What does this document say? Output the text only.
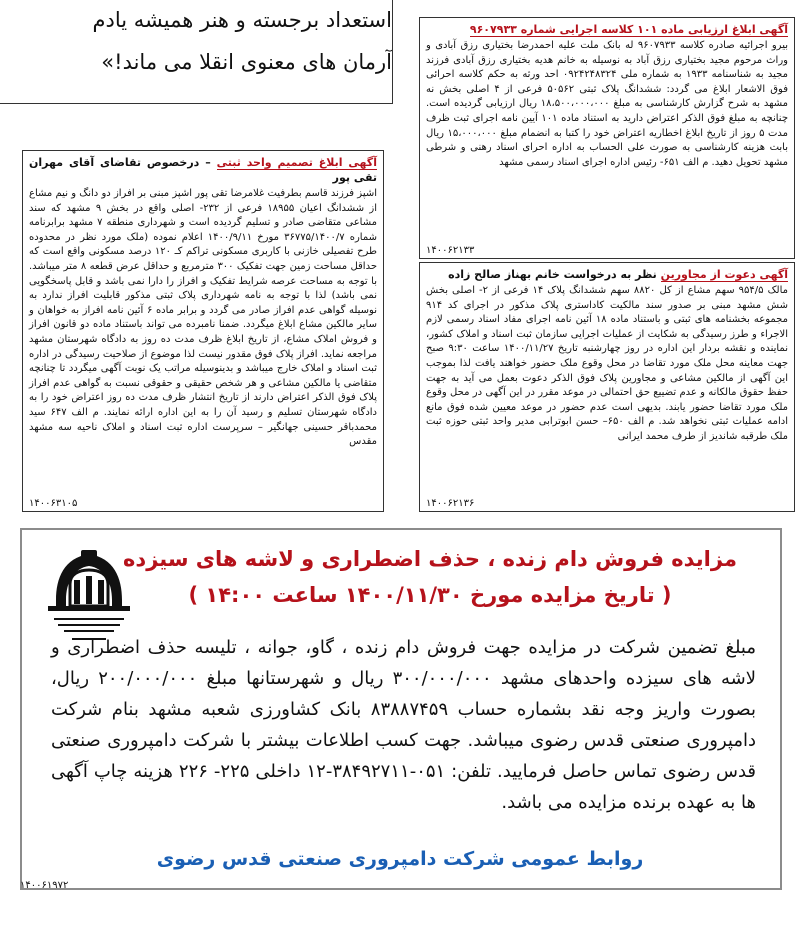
استعداد برجسته و هنر همیشه یادم
آرمان های معنوی انقلا می ماند!»
آگهی ابلاغ ارزیابی ماده ۱۰۱ کلاسه اجرایی شماره ۹۶۰۷۹۳۳
بیرو اجرائیه صادره کلاسه ۹۶۰۷۹۳۳ له بانک ملت علیه احمدرضا بختیاری رزق آبادی و وراث مرحوم مجید بختیاری رزق آباد به نوسیله به خانم هدیه بختیاری رزق آبادی فرزند مجید به شناسنامه ۱۹۳۳ به شماره ملی ۰۹۲۴۲۴۸۳۲۴ احد ورثه به حکم کلاسه احرائی فوق الاشعار ابلاغ می گردد: ششدانگ پلاک ثبتی ۵۰۵۶۲ فرعی از ۴ اصلی بخش نه مشهد به شرح گزارش کارشناسی به مبلغ ۱۸،۵۰۰،۰۰۰،۰۰۰ ریال ارزیابی گردیده است. چنانچه به مبلغ فوق الذکر اعتراض دارید به استناد ماده ۱۰۱ آیین نامه اجرای ثبت ظرف مدت ۵ روز از تاریخ ابلاغ اخطاریه اعتراض خود را کتبا به انضمام مبلغ ۱۵،۰۰۰،۰۰۰ ریال بابت هزینه کارشناسی به صورت علی الحساب به اداره احرای اسناد رهنی و شرطی مشهد تحویل دهید. م الف ۶۵۱- رئیس اداره اجرای اسناد رسمی مشهد
۱۴۰۰۶۲۱۳۳
آگهی ابلاغ تصمیم واحد ثبتی – درخصوص تقاضای آقای مهران تقی پور
اشپز فرزند قاسم بطرفیت غلامرضا تقی پور اشپز مبنی بر افراز دو دانگ و نیم مشاع از ششدانگ اعیان ۱۸۹۵۵ فرعی از ۲۳۲- اصلی واقع در بخش ۹ مشهد که سند مشاعی متقاضی صادر و تسلیم گردیده است و شهرداری منطقه ۷ مشهد برابرنامه شماره ۳۶۷۷۵/۱۴۰۰/۷ مورخ ۱۴۰۰/۹/۱۱ اعلام نموده (ملک مورد نظر در محدوده طرح تفصیلی خازنی با کاربری مسکونی تراکم کـ ۱۲۰ درصد مسکونی واقع است که حداقل مساحت زمین جهت تفکیک ۳۰۰ مترمربع و حداقل عرض قطعه ۸ متر میباشد. با توجه به مساحت عرصه شرایط تفکیک و افراز را دارا نمی باشد و قابل پاسخگویی نمی باشد) لذا با توجه به نامه شهرداری پلاک ثبتی مذکور قابلیت افراز ندارد به نوسیله گواهی عدم افراز صادر می گردد و برابر ماده ۶ آئین نامه افراز به خواهان و سایر مالکین مشاع ابلاغ میگردد. ضمنا نامبرده می تواند باستناد ماده دو قانون افراز و فروش املاک مشاع، از تاریخ ابلاغ ظرف مدت ده روز به دادگاه شهرستان مشهد مراجعه نماید. افراز پلاک فوق مقدور نیست لذا موضوع از صلاحیت رسیدگی در اداره ثبت اسناد و املاک خارج میباشد و بدینوسیله مراتب یک نوبت آگهی میگردد تا چنانچه متقاضی یا مالکین مشاعی و هر شخص حقیقی و حقوقی نسبت به گواهی عدم افراز پلاک فوق الذکر اعتراض دارند از تاریخ انتشار ظرف مدت ده روز اعتراض خود را به دادگاه شهرستان تسلیم و رسید آن را به این اداره ارائه نمایند. م الف ۶۴۷ سید محمدباقر حسینی جهانگیر – سرپرست اداره ثبت اسناد و املاک ناحیه سه مشهد مقدس
۱۴۰۰۶۳۱۰۵
آگهی دعوت از مجاورین نظر به درخواست خانم بهناز صالح زاده
مالک ۹۵۴/۵ سهم مشاع از کل ۸۸۲۰ سهم ششدانگ پلاک ۱۴ فرعی از ۲- اصلی بخش شش مشهد مبنی بر صدور سند مالکیت کاداستری پلاک مذکور در اجرای کد ۹۱۴ مجموعه بخشنامه های ثبتی و باستناد ماده ۱۸ آئین نامه اجرای مفاد اسناد رسمی لازم الاجراء و طرز رسیدگی به شکایت از عملیات اجرایی سازمان ثبت اسناد و املاک کشور، نماینده و نقشه بردار این اداره در روز چهارشنبه تاریخ ۱۴۰۰/۱۱/۲۷ ساعت ۹:۳۰ صبح جهت معاینه محل ملک مورد تقاضا در محل وقوع ملک حضور خواهند یافت لذا بموجب این آگهی از مالکین مشاعی و مجاورین پلاک فوق الذکر دعوت بعمل می آید به جهت حفظ حقوق مالکانه و عدم تضییع حق احتمالی در موعد مقرر در این آگهی در محل وقوع ملک مورد تقاضا حضور یابند. بدیهی است عدم حضور در موعد معیین شده فوق مانع ادامه عملیات ثبتی نخواهد شد. م الف ۶۵۰– حسن ابوترابی مدیر واحد ثبتی حوزه ثبت ملک طرقبه شاندیز از طرف محمد ایرانی
۱۴۰۰۶۲۱۳۶
مزایده فروش دام زنده ، حذف اضطراری و لاشه های سیزده
( تاریخ مزایده مورخ ۱۴۰۰/۱۱/۳۰ ساعت ۱۴:۰۰ )
مبلغ تضمین شرکت در مزایده جهت فروش دام زنده ، گاو، جوانه ، تلیسه حذف اضطراری و لاشه های سیزده واحدهای مشهد ۳۰۰/۰۰۰/۰۰۰ ریال و شهرستانها مبلغ ۲۰۰/۰۰۰/۰۰۰ ریال، بصورت واریز وجه نقد بشماره حساب ۸۳۸۸۷۴۵۹ بانک کشاورزی شعبه مشهد بنام شرکت دامپروری صنعتی قدس رضوی میباشد. جهت کسب اطلاعات بیشتر با شرکت دامپروری صنعتی قدس رضوی تماس حاصل فرمایید. تلفن: ۰۵۱-۳۸۴۹۲۷۱۱-۱۲ داخلی ۲۲۵- ۲۲۶ هزینه چاپ آگهی ها به عهده برنده مزایده می باشد.
روابط عمومی شرکت دامپروری صنعتی قدس رضوی
۱۴۰۰۶۱۹۷۲
